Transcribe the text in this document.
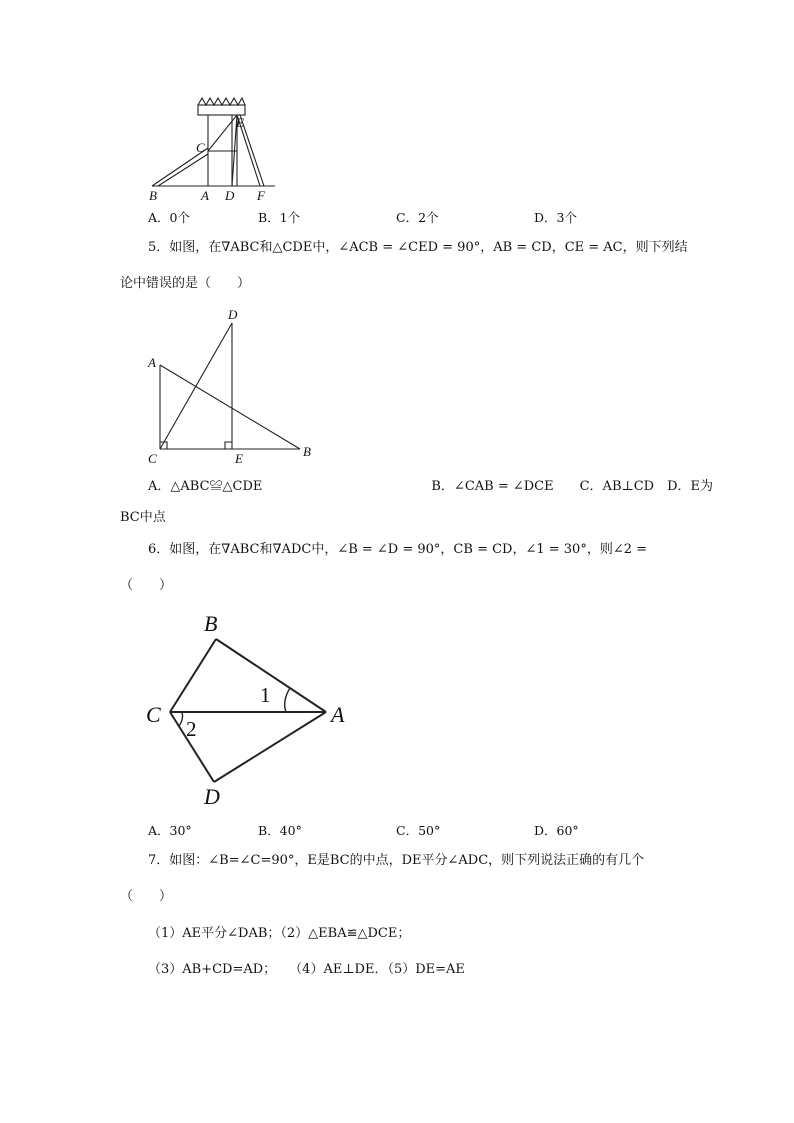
B	A D F
C
E
A．0个	B．1个	C．2个	D．3个
5．如图，在∇ABC和△CDE中，∠ACB = ∠CED = 90°，AB = CD，CE = AC，则下列结
论中错误的是（　　）
D
A
C	E	B
A．△ABC≌△CDE　　　　　　　　　　　　　B．∠CAB = ∠DCE　　C．AB⊥CD　D．E为
BC中点
6．如图，在∇ABC和∇ADC中，∠B = ∠D = 90°，CB = CD，∠1 = 30°，则∠2 =
（　　）
B
C	A
D
1
2
A．30°	B．40°	C．50°	D．60°
7．如图：∠B=∠C=90°，E是BC的中点，DE平分∠ADC，则下列说法正确的有几个
（　　）
（1）AE平分∠DAB；（2）△EBA≌△DCE；
（3）AB+CD=AD；　　（4）AE⊥DE．（5）DE=AE
